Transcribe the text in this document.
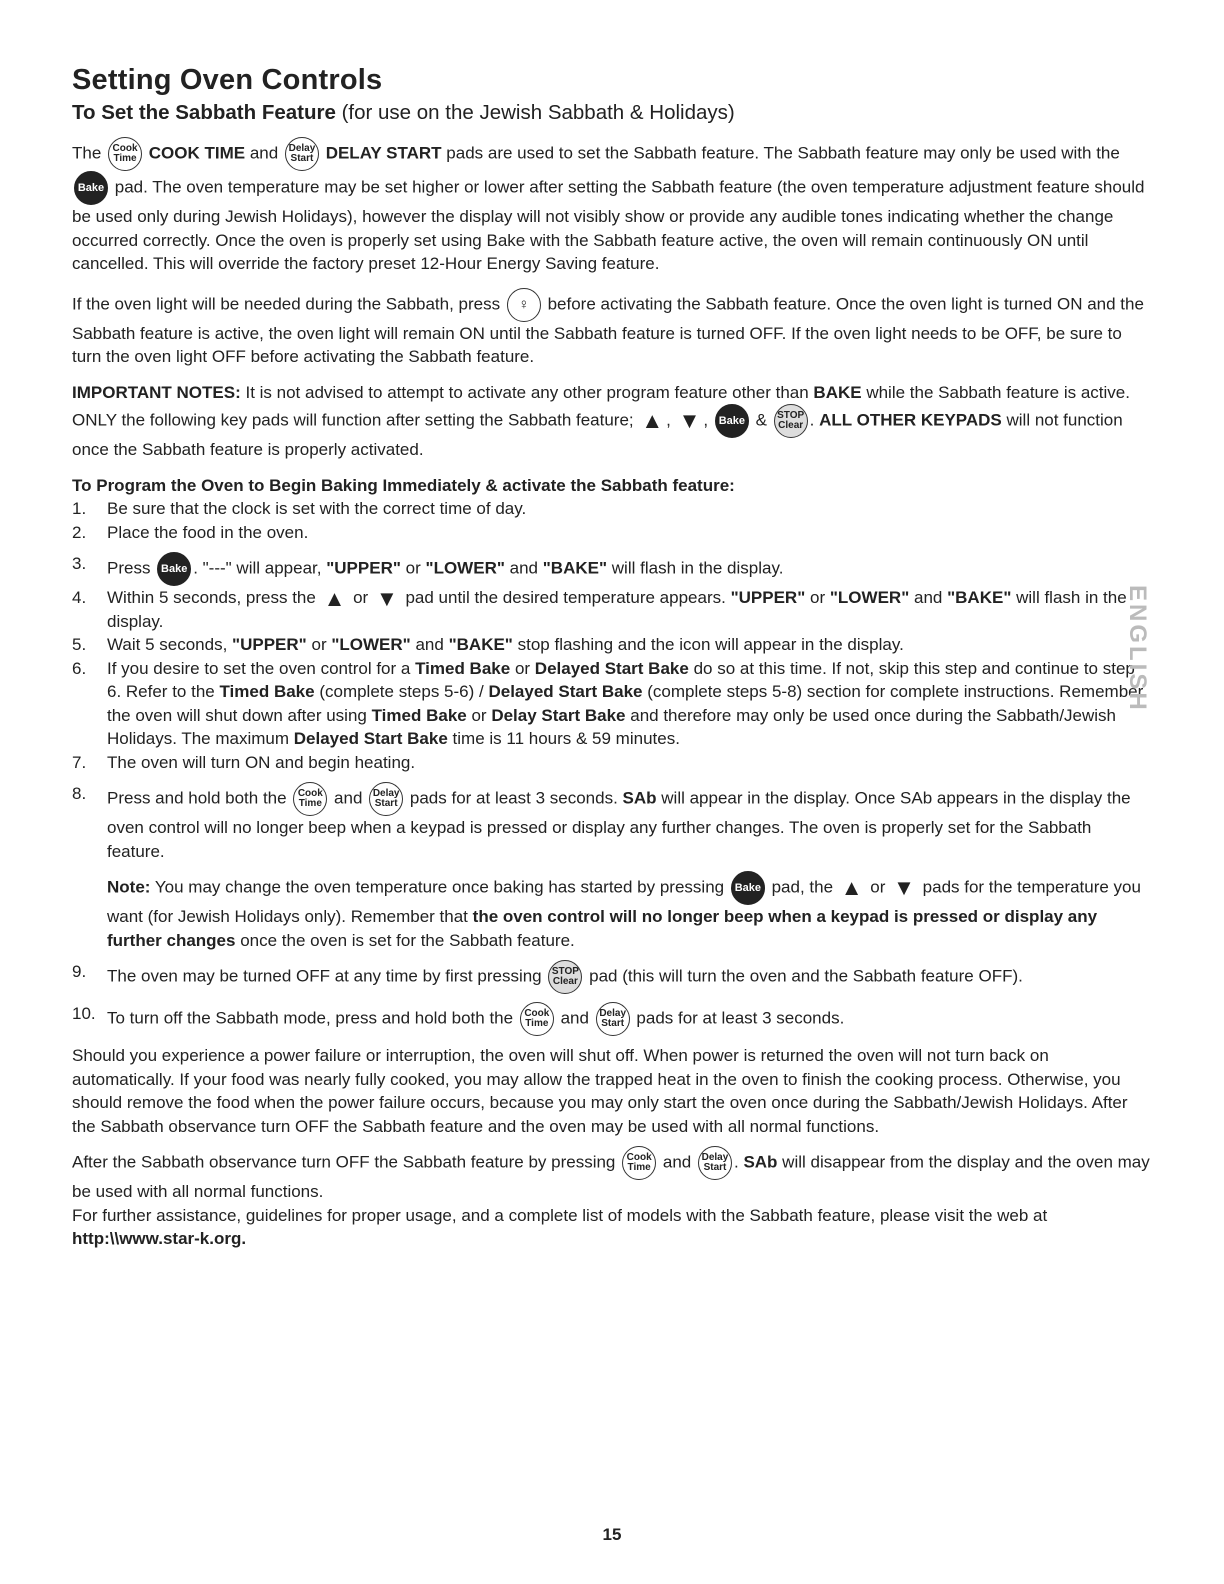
Setting Oven Controls
To Set the Sabbath Feature (for use on the Jewish Sabbath & Holidays)

The Cook
Time COOK TIME and Delay
Start DELAY START pads are used to set the Sabbath feature. The Sabbath feature may only be used with the Bake pad. The oven temperature may be set higher or lower after setting the Sabbath feature (the oven temperature adjustment feature should be used only during Jewish Holidays), however the display will not visibly show or provide any audible tones indicating whether the change occurred correctly. Once the oven is properly set using Bake with the Sabbath feature active, the oven will remain continuously ON until cancelled. This will override the factory preset 12-Hour Energy Saving feature.

If the oven light will be needed during the Sabbath, press ♀ before activating the Sabbath feature. Once the oven light is turned ON and the Sabbath feature is active, the oven light will remain ON until the Sabbath feature is turned OFF. If the oven light needs to be OFF, be sure to turn the oven light OFF before activating the Sabbath feature.

IMPORTANT NOTES: It is not advised to attempt to activate any other program feature other than BAKE while the Sabbath feature is active. ONLY the following key pads will function after setting the Sabbath feature; ▲ , ▼ , Bake & STOP
Clear . ALL OTHER KEYPADS will not function once the Sabbath feature is properly activated.

To Program the Oven to Begin Baking Immediately & activate the Sabbath feature:

1. Be sure that the clock is set with the correct time of day.
2. Place the food in the oven.
3. Press Bake . "---" will appear, "UPPER" or "LOWER" and "BAKE" will flash in the display.
4. Within 5 seconds, press the ▲ or ▼ pad until the desired temperature appears. "UPPER" or "LOWER" and "BAKE" will flash in the display.
5. Wait 5 seconds, "UPPER" or "LOWER" and "BAKE" stop flashing and the icon will appear in the display.
6. If you desire to set the oven control for a Timed Bake or Delayed Start Bake do so at this time. If not, skip this step and continue to step 6. Refer to the Timed Bake (complete steps 5-6) / Delayed Start Bake (complete steps 5-8) section for complete instructions. Remember the oven will shut down after using Timed Bake or Delay Start Bake and therefore may only be used once during the Sabbath/Jewish Holidays. The maximum Delayed Start Bake time is 11 hours & 59 minutes.
7. The oven will turn ON and begin heating.
8. Press and hold both the Cook
Time and Delay
Start pads for at least 3 seconds. SAb will appear in the display. Once SAb appears in the display the oven control will no longer beep when a keypad is pressed or display any further changes. The oven is properly set for the Sabbath feature.
Note: You may change the oven temperature once baking has started by pressing Bake pad, the ▲ or ▼ pads for the temperature you want (for Jewish Holidays only). Remember that the oven control will no longer beep when a keypad is pressed or display any further changes once the oven is set for the Sabbath feature.
9. The oven may be turned OFF at any time by first pressing STOP
Clear pad (this will turn the oven and the Sabbath feature OFF).
10. To turn off the Sabbath mode, press and hold both the Cook
Time and Delay
Start pads for at least 3 seconds.

Should you experience a power failure or interruption, the oven will shut off. When power is returned the oven will not turn back on automatically. If your food was nearly fully cooked, you may allow the trapped heat in the oven to finish the cooking process. Otherwise, you should remove the food when the power failure occurs, because you may only start the oven once during the Sabbath/Jewish Holidays. After the Sabbath observance turn OFF the Sabbath feature and the oven may be used with all normal functions.

After the Sabbath observance turn OFF the Sabbath feature by pressing Cook
Time and Delay
Start . SAb will disappear from the display and the oven may be used with all normal functions.

For further assistance, guidelines for proper usage, and a complete list of models with the Sabbath feature, please visit the web at http:\\www.star-k.org.

ENGLISH
15
